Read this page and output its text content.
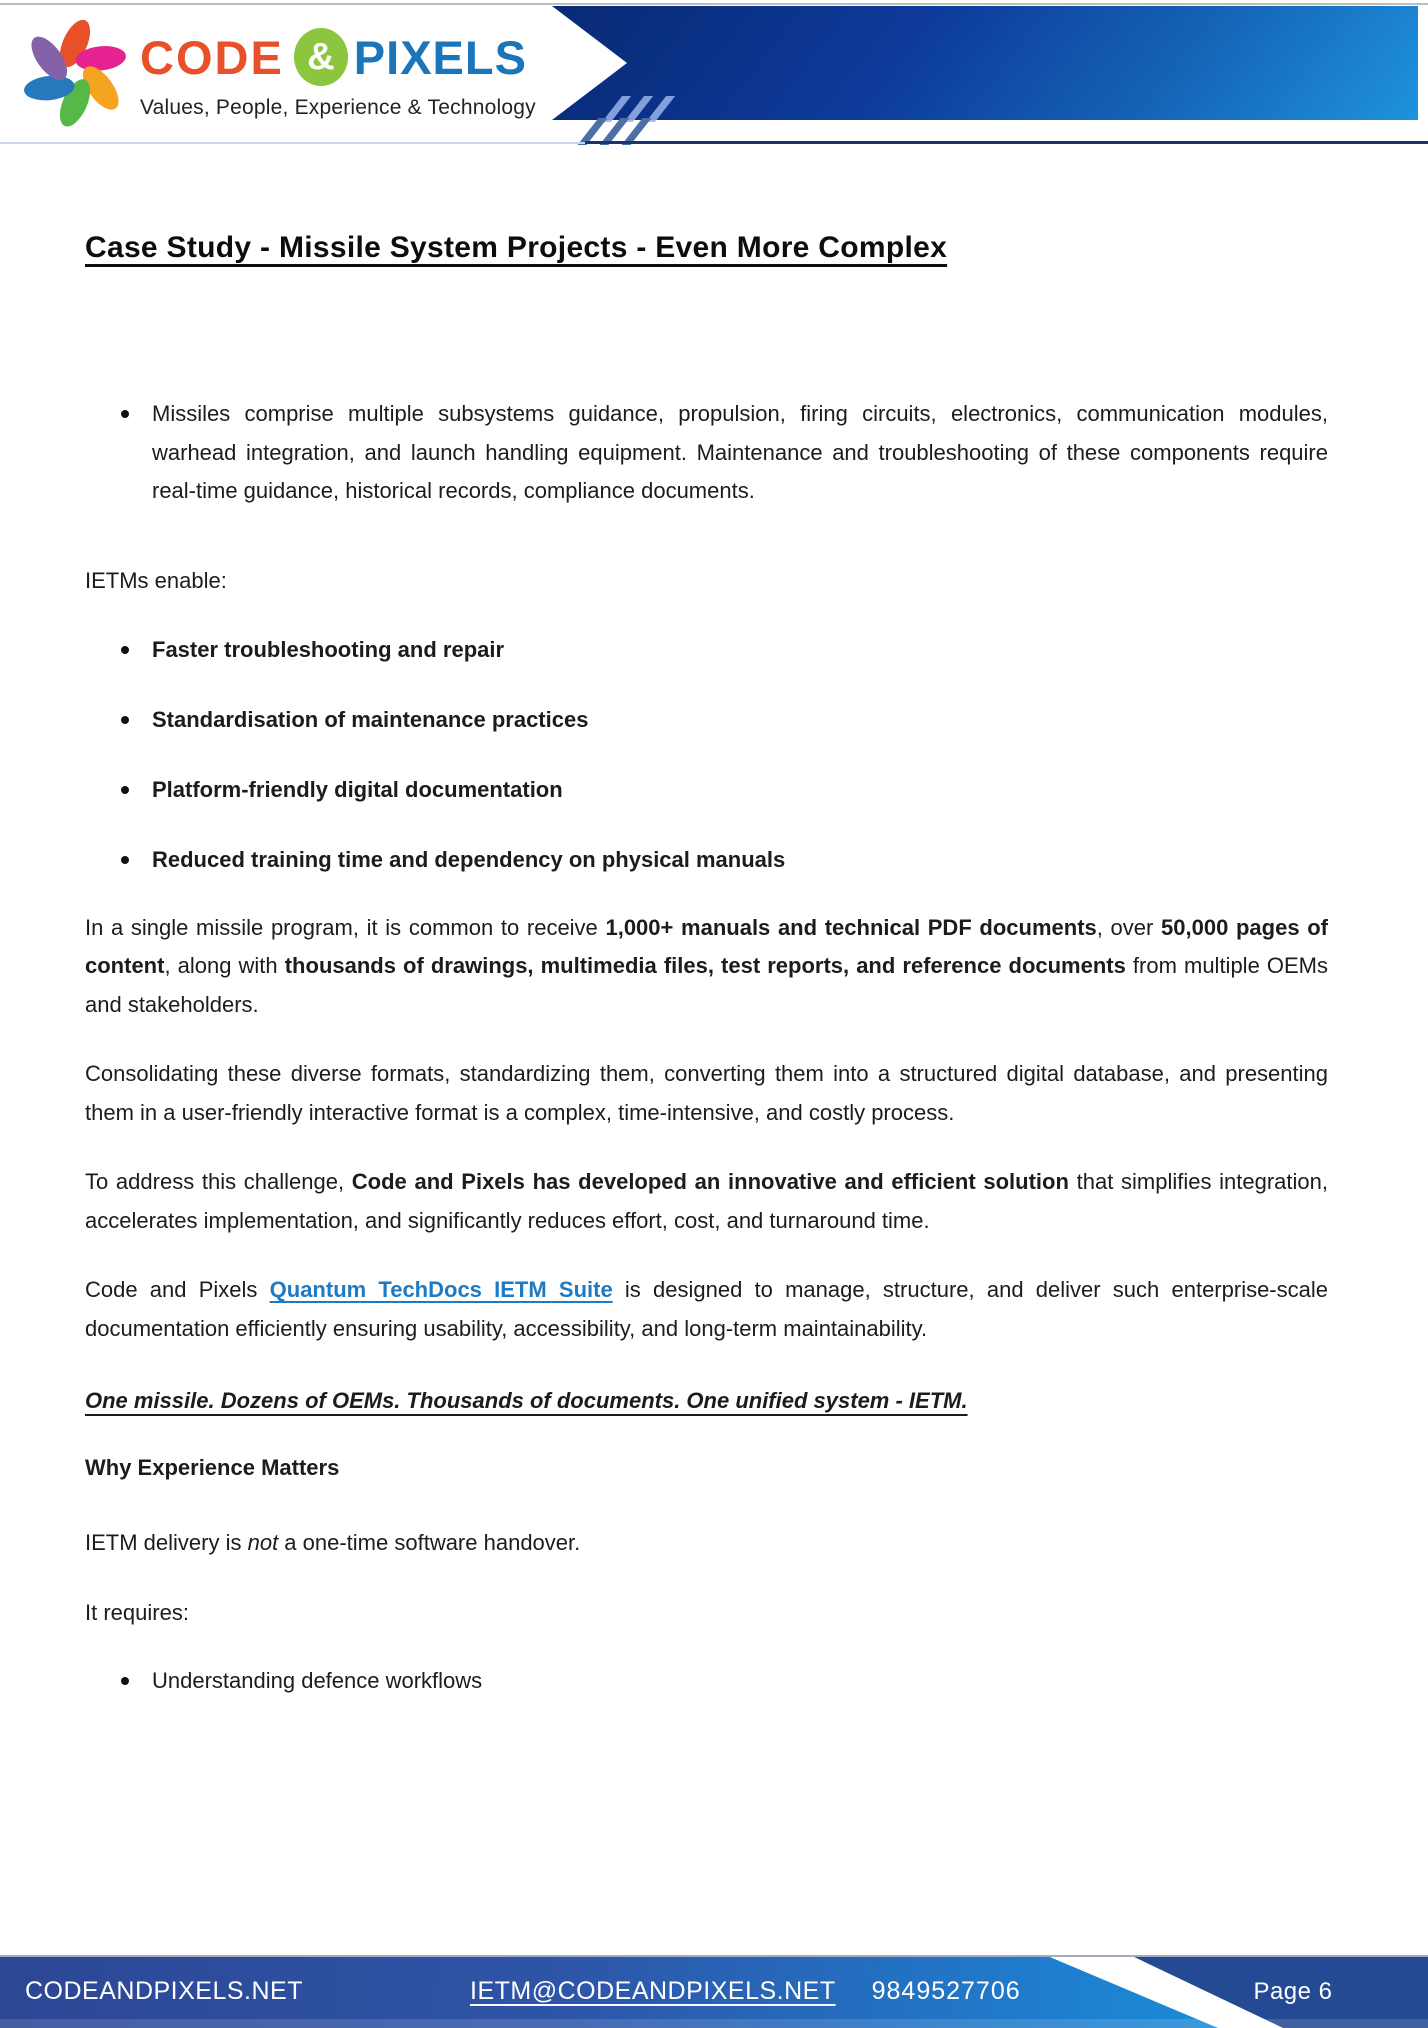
CODE & PIXELS
Values, People, Experience & Technology
Case Study - Missile System Projects - Even More Complex

Missiles comprise multiple subsystems guidance, propulsion, firing circuits, electronics, communication modules, warhead integration, and launch handling equipment. Maintenance and troubleshooting of these components require real-time guidance, historical records, compliance documents.

IETMs enable:

Faster troubleshooting and repair
Standardisation of maintenance practices
Platform-friendly digital documentation
Reduced training time and dependency on physical manuals

In a single missile program, it is common to receive 1,000+ manuals and technical PDF documents, over 50,000 pages of content, along with thousands of drawings, multimedia files, test reports, and reference documents from multiple OEMs and stakeholders.

Consolidating these diverse formats, standardizing them, converting them into a structured digital database, and presenting them in a user-friendly interactive format is a complex, time-intensive, and costly process.

To address this challenge, Code and Pixels has developed an innovative and efficient solution that simplifies integration, accelerates implementation, and significantly reduces effort, cost, and turnaround time.

Code and Pixels Quantum TechDocs IETM Suite is designed to manage, structure, and deliver such enterprise-scale documentation efficiently ensuring usability, accessibility, and long-term maintainability.

One missile. Dozens of OEMs. Thousands of documents. One unified system - IETM.

Why Experience Matters

IETM delivery is not a one-time software handover.

It requires:

Understanding defence workflows

CODEANDPIXELS.NET	IETM@CODEANDPIXELS.NET 9849527706	Page 6
